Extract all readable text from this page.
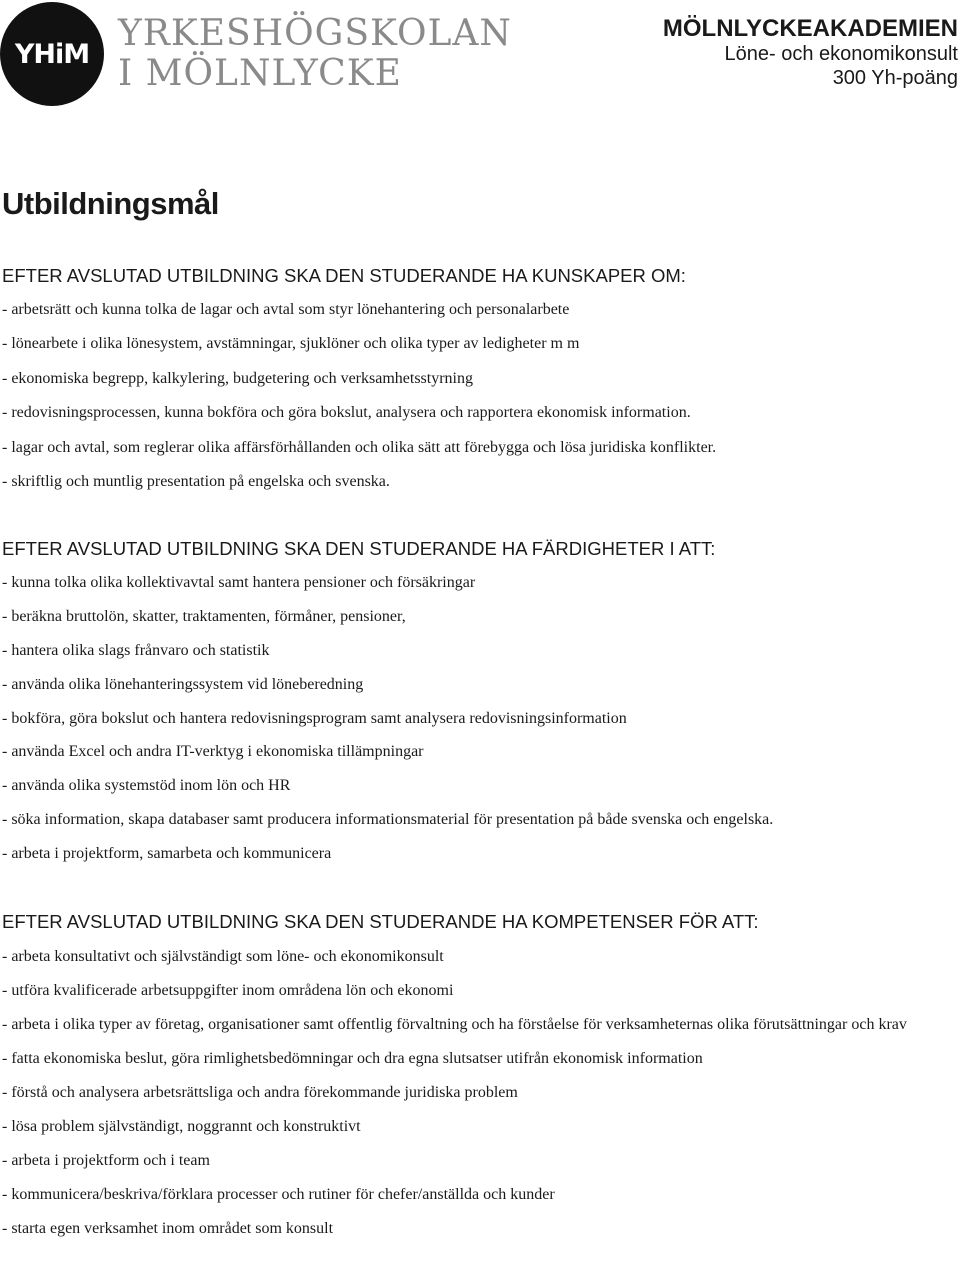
YHiM YRKESHÖGSKOLAN
I MÖLNLYCKE
MÖLNLYCKEAKADEMIEN
Löne- och ekonomikonsult
300 Yh-poäng
Utbildningsmål
EFTER AVSLUTAD UTBILDNING SKA DEN STUDERANDE HA KUNSKAPER OM:
- arbetsrätt och kunna tolka de lagar och avtal som styr lönehantering och personalarbete
- lönearbete i olika lönesystem, avstämningar, sjuklöner och olika typer av ledigheter m m
- ekonomiska begrepp, kalkylering, budgetering och verksamhetsstyrning
- redovisningsprocessen, kunna bokföra och göra bokslut, analysera och rapportera ekonomisk information.
- lagar och avtal, som reglerar olika affärsförhållanden och olika sätt att förebygga och lösa juridiska konflikter.
- skriftlig och muntlig presentation på engelska och svenska.
EFTER AVSLUTAD UTBILDNING SKA DEN STUDERANDE HA FÄRDIGHETER I ATT:
- kunna tolka olika kollektivavtal samt hantera pensioner och försäkringar
- beräkna bruttolön, skatter, traktamenten, förmåner, pensioner,
- hantera olika slags frånvaro och statistik
- använda olika lönehanteringssystem vid löneberedning
- bokföra, göra bokslut och hantera redovisningsprogram samt analysera redovisningsinformation
- använda Excel och andra IT-verktyg i ekonomiska tillämpningar
- använda olika systemstöd inom lön och HR
- söka information, skapa databaser samt producera informationsmaterial för presentation på både svenska och engelska.
- arbeta i projektform, samarbeta och kommunicera
EFTER AVSLUTAD UTBILDNING SKA DEN STUDERANDE HA KOMPETENSER FÖR ATT:
- arbeta konsultativt och självständigt som löne- och ekonomikonsult
- utföra kvalificerade arbetsuppgifter inom områdena lön och ekonomi
- arbeta i olika typer av företag, organisationer samt offentlig förvaltning och ha förståelse för verksamheternas olika förutsättningar och krav
- fatta ekonomiska beslut, göra rimlighetsbedömningar och dra egna slutsatser utifrån ekonomisk information
- förstå och analysera arbetsrättsliga och andra förekommande juridiska problem
- lösa problem självständigt, noggrannt och konstruktivt
- arbeta i projektform och i team
- kommunicera/beskriva/förklara processer och rutiner för chefer/anställda och kunder
- starta egen verksamhet inom området som konsult
